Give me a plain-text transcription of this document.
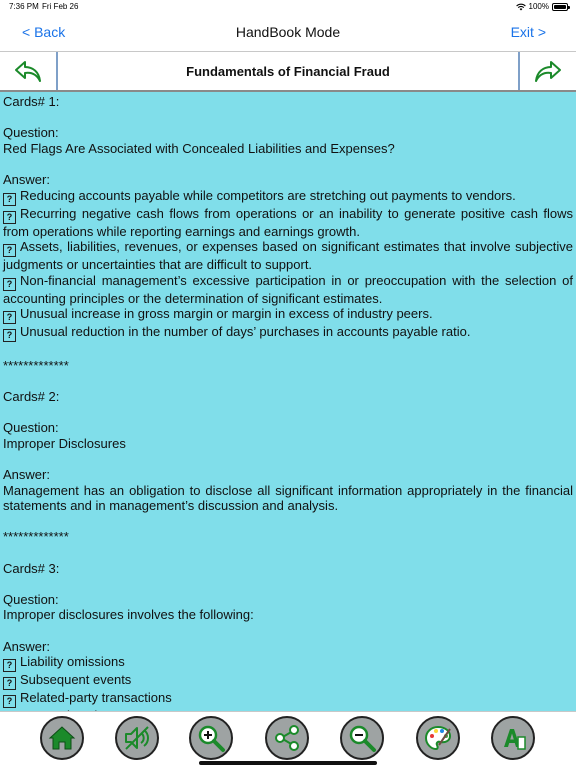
7:36 PM Fri Feb 26	100%
< Back	HandBook Mode	Exit >
Fundamentals of Financial Fraud
Cards# 1:
Question:
Red Flags Are Associated with Concealed Liabilities and Expenses?
Answer:
? Reducing accounts payable while competitors are stretching out payments to vendors.
? Recurring negative cash flows from operations or an inability to generate positive cash flows from operations while reporting earnings and earnings growth.
? Assets, liabilities, revenues, or expenses based on significant estimates that involve subjective judgments or uncertainties that are difficult to support.
? Non-financial management’s excessive participation in or preoccupation with the selection of accounting principles or the determination of significant estimates.
? Unusual increase in gross margin or margin in excess of industry peers.
? Unusual reduction in the number of days’ purchases in accounts payable ratio.
*************
Cards# 2:
Question:
Improper Disclosures
Answer:
Management has an obligation to disclose all significant information appropriately in the financial statements and in management’s discussion and analysis.
*************
Cards# 3:
Question:
Improper disclosures involves the following:
Answer:
? Liability omissions
? Subsequent events
? Related-party transactions
